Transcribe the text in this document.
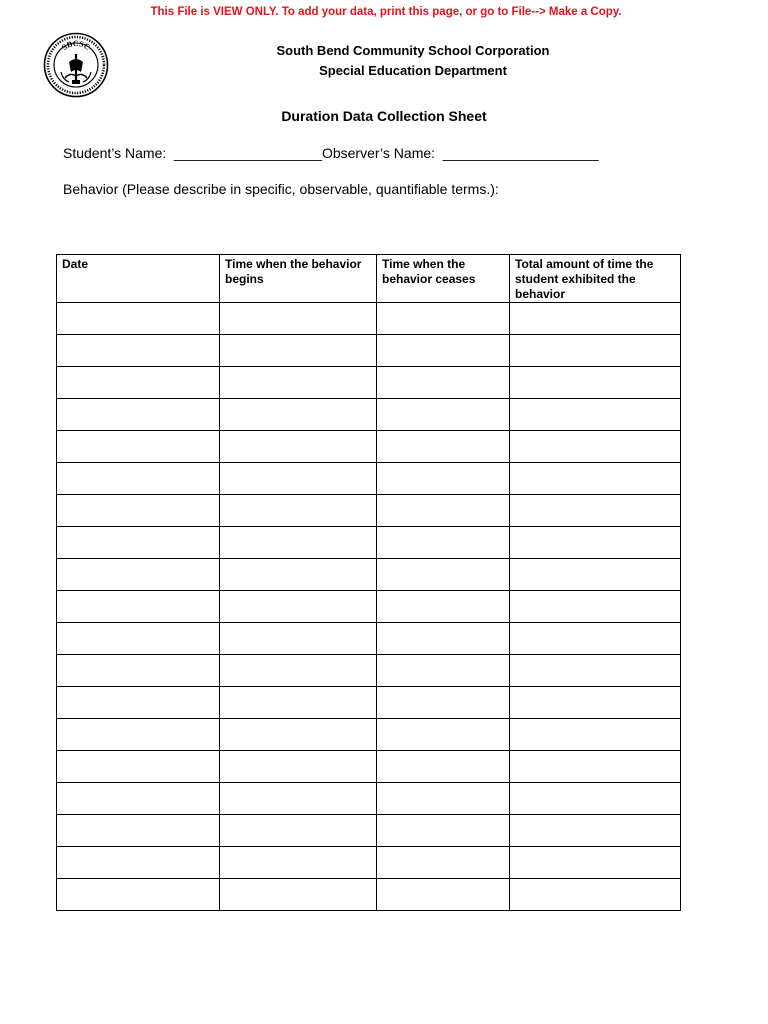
This File is VIEW ONLY. To add your data, print this page, or go to File--> Make a Copy.
SBCSC	South Bend Community School Corporation
Special Education Department
Duration Data Collection Sheet
Student’s Name:  ___________________Observer’s Name:  ____________________
Behavior (Please describe in specific, observable, quantifiable terms.):
Date	Time when the behavior begins	Time when the behavior ceases	Total amount of time the student exhibited the behavior
